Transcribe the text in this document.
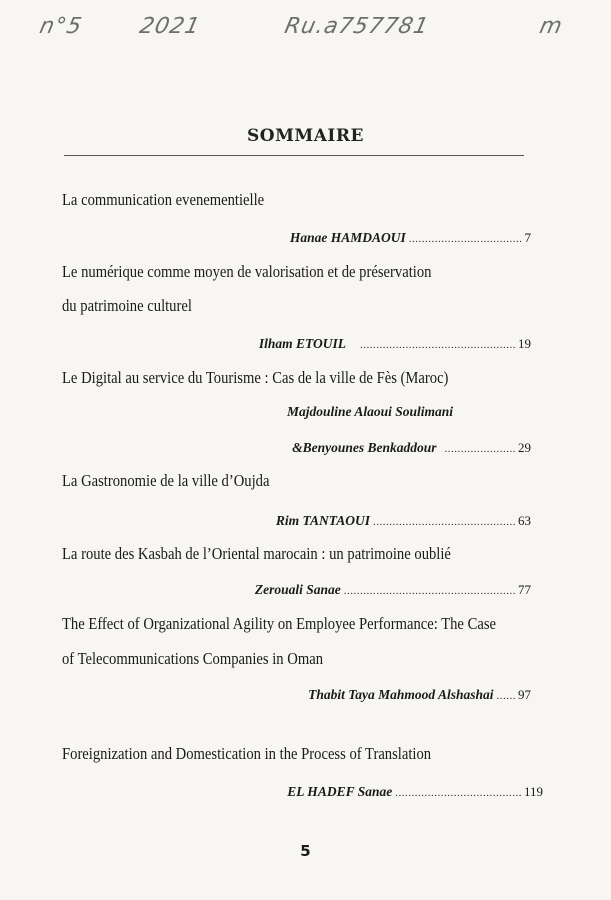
n°5 2021	Ru.a757781	m
SOMMAIRE
La communication evenementielle
Hanae HAMDAOUI ................................... 7
Le numérique comme moyen de valorisation et de préservation
du patrimoine culturel
Ilham ETOUIL ................................................ 19
Le Digital au service du Tourisme : Cas de la ville de Fès (Maroc)
Majdouline Alaoui Soulimani
&Benyounes Benkaddour ...................... 29
La Gastronomie de la ville d’Oujda
Rim TANTAOUI ............................................ 63
La route des Kasbah de l’Oriental marocain : un patrimoine oublié
Zerouali Sanae ..................................................... 77
The Effect of Organizational Agility on Employee Performance: The Case
of Telecommunications Companies in Oman
Thabit Taya Mahmood Alshashai ...... 97
Foreignization and Domestication in the Process of Translation
EL HADEF Sanae ....................................... 119
5
